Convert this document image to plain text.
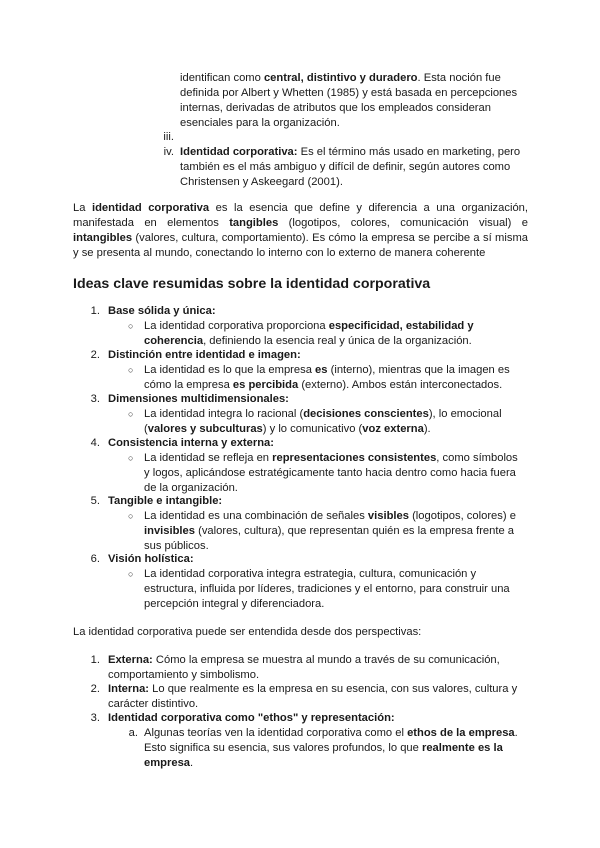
identifican como central, distintivo y duradero. Esta noción fue definida por Albert y Whetten (1985) y está basada en percepciones internas, derivadas de atributos que los empleados consideran esenciales para la organización.
iii.
iv. Identidad corporativa: Es el término más usado en marketing, pero también es el más ambiguo y difícil de definir, según autores como Christensen y Askeegard (2001).
La identidad corporativa es la esencia que define y diferencia a una organización, manifestada en elementos tangibles (logotipos, colores, comunicación visual) e intangibles (valores, cultura, comportamiento). Es cómo la empresa se percibe a sí misma y se presenta al mundo, conectando lo interno con lo externo de manera coherente
Ideas clave resumidas sobre la identidad corporativa
1. Base sólida y única:
○ La identidad corporativa proporciona especificidad, estabilidad y coherencia, definiendo la esencia real y única de la organización.
2. Distinción entre identidad e imagen:
○ La identidad es lo que la empresa es (interno), mientras que la imagen es cómo la empresa es percibida (externo). Ambos están interconectados.
3. Dimensiones multidimensionales:
○ La identidad integra lo racional (decisiones conscientes), lo emocional (valores y subculturas) y lo comunicativo (voz externa).
4. Consistencia interna y externa:
○ La identidad se refleja en representaciones consistentes, como símbolos y logos, aplicándose estratégicamente tanto hacia dentro como hacia fuera de la organización.
5. Tangible e intangible:
○ La identidad es una combinación de señales visibles (logotipos, colores) e invisibles (valores, cultura), que representan quién es la empresa frente a sus públicos.
6. Visión holística:
○ La identidad corporativa integra estrategia, cultura, comunicación y estructura, influida por líderes, tradiciones y el entorno, para construir una percepción integral y diferenciadora.
La identidad corporativa puede ser entendida desde dos perspectivas:
1. Externa: Cómo la empresa se muestra al mundo a través de su comunicación, comportamiento y simbolismo.
2. Interna: Lo que realmente es la empresa en su esencia, con sus valores, cultura y carácter distintivo.
3. Identidad corporativa como "ethos" y representación:
a. Algunas teorías ven la identidad corporativa como el ethos de la empresa. Esto significa su esencia, sus valores profundos, lo que realmente es la empresa.
